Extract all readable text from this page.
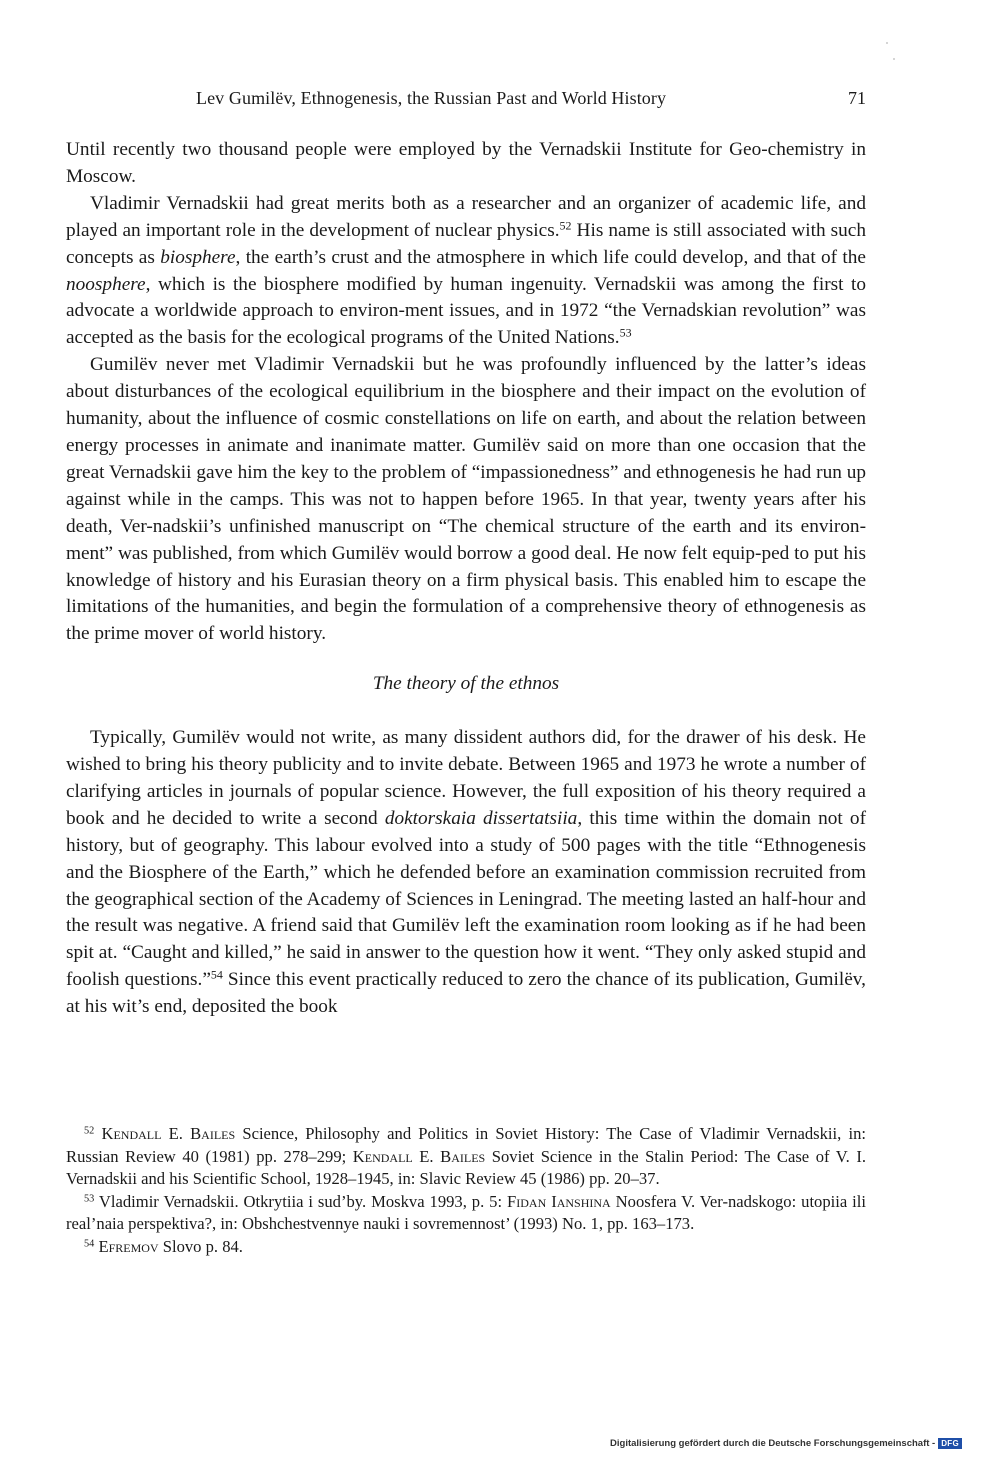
Lev Gumilëv, Ethnogenesis, the Russian Past and World History	71

Until recently two thousand people were employed by the Vernadskii Institute for Geo-chemistry in Moscow.

Vladimir Vernadskii had great merits both as a researcher and an organizer of academic life, and played an important role in the development of nuclear physics.$^{52}$ His name is still associated with such concepts as biosphere, the earth’s crust and the atmosphere in which life could develop, and that of the noosphere, which is the biosphere modified by human ingenuity. Vernadskii was among the first to advocate a worldwide approach to environ-ment issues, and in 1972 “the Vernadskian revolution” was accepted as the basis for the ecological programs of the United Nations.$^{53}$

Gumilëv never met Vladimir Vernadskii but he was profoundly influenced by the latter’s ideas about disturbances of the ecological equilibrium in the biosphere and their impact on the evolution of humanity, about the influence of cosmic constellations on life on earth, and about the relation between energy processes in animate and inanimate matter. Gumilëv said on more than one occasion that the great Vernadskii gave him the key to the problem of “impassionedness” and ethnogenesis he had run up against while in the camps. This was not to happen before 1965. In that year, twenty years after his death, Ver-nadskii’s unfinished manuscript on “The chemical structure of the earth and its environ-ment” was published, from which Gumilëv would borrow a good deal. He now felt equip-ped to put his knowledge of history and his Eurasian theory on a firm physical basis. This enabled him to escape the limitations of the humanities, and begin the formulation of a comprehensive theory of ethnogenesis as the prime mover of world history.

The theory of the ethnos

Typically, Gumilëv would not write, as many dissident authors did, for the drawer of his desk. He wished to bring his theory publicity and to invite debate. Between 1965 and 1973 he wrote a number of clarifying articles in journals of popular science. However, the full exposition of his theory required a book and he decided to write a second doktorskaia dissertatsiia, this time within the domain not of history, but of geography. This labour evolved into a study of 500 pages with the title “Ethnogenesis and the Biosphere of the Earth,” which he defended before an examination commission recruited from the geographical section of the Academy of Sciences in Leningrad. The meeting lasted an half-hour and the result was negative. A friend said that Gumilëv left the examination room looking as if he had been spit at. “Caught and killed,” he said in answer to the question how it went. “They only asked stupid and foolish questions.”$^{54}$ Since this event practically reduced to zero the chance of its publication, Gumilëv, at his wit’s end, deposited the book

$^{52}$ Kendall E. Bailes Science, Philosophy and Politics in Soviet History: The Case of Vladimir Vernadskii, in: Russian Review 40 (1981) pp. 278–299; Kendall E. Bailes Soviet Science in the Stalin Period: The Case of V. I. Vernadskii and his Scientific School, 1928–1945, in: Slavic Review 45 (1986) pp. 20–37.

$^{53}$ Vladimir Vernadskii. Otkrytiia i sud’by. Moskva 1993, p. 5: Fidan Ianshina Noosfera V. Ver-nadskogo: utopiia ili real’naia perspektiva?, in: Obshchestvennye nauki i sovremennost’ (1993) No. 1, pp. 163–173.

$^{54}$ Efremov Slovo p. 84.

Digitalisierung gefördert durch die Deutsche Forschungsgemeinschaft - DFG
